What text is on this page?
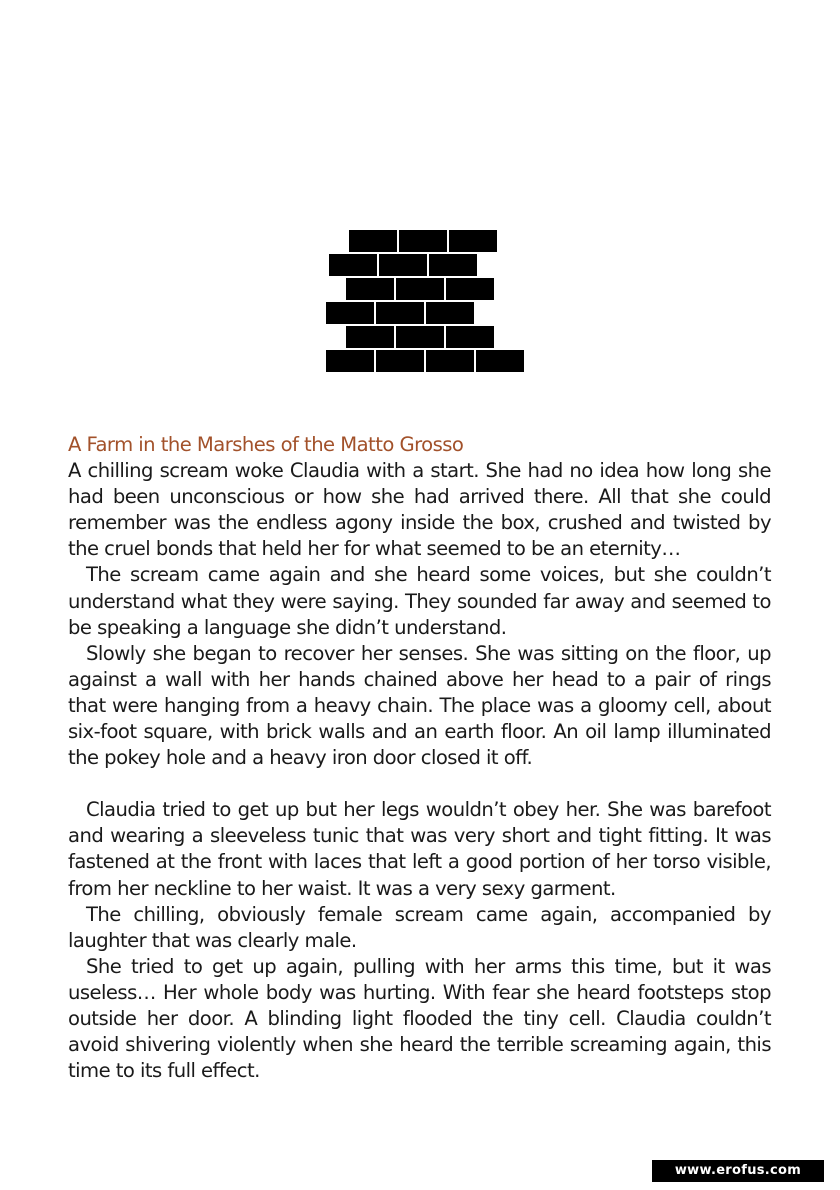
A Farm in the Marshes of the Matto Grosso

A chilling scream woke Claudia with a start. She had no idea how long she had been unconscious or how she had arrived there. All that she could remember was the endless agony inside the box, crushed and twisted by the cruel bonds that held her for what seemed to be an eternity…

The scream came again and she heard some voices, but she couldn’t understand what they were saying. They sounded far away and seemed to be speaking a language she didn’t understand.

Slowly she began to recover her senses. She was sitting on the floor, up against a wall with her hands chained above her head to a pair of rings that were hanging from a heavy chain. The place was a gloomy cell, about six-foot square, with brick walls and an earth floor. An oil lamp illuminated the pokey hole and a heavy iron door closed it off.

Claudia tried to get up but her legs wouldn’t obey her. She was barefoot and wearing a sleeveless tunic that was very short and tight fitting. It was fastened at the front with laces that left a good portion of her torso visible, from her neckline to her waist. It was a very sexy garment.

The chilling, obviously female scream came again, accompanied by laughter that was clearly male.

She tried to get up again, pulling with her arms this time, but it was useless… Her whole body was hurting. With fear she heard footsteps stop outside her door. A blinding light flooded the tiny cell. Claudia couldn’t avoid shivering violently when she heard the terrible screaming again, this time to its full effect.

www.erofus.com
